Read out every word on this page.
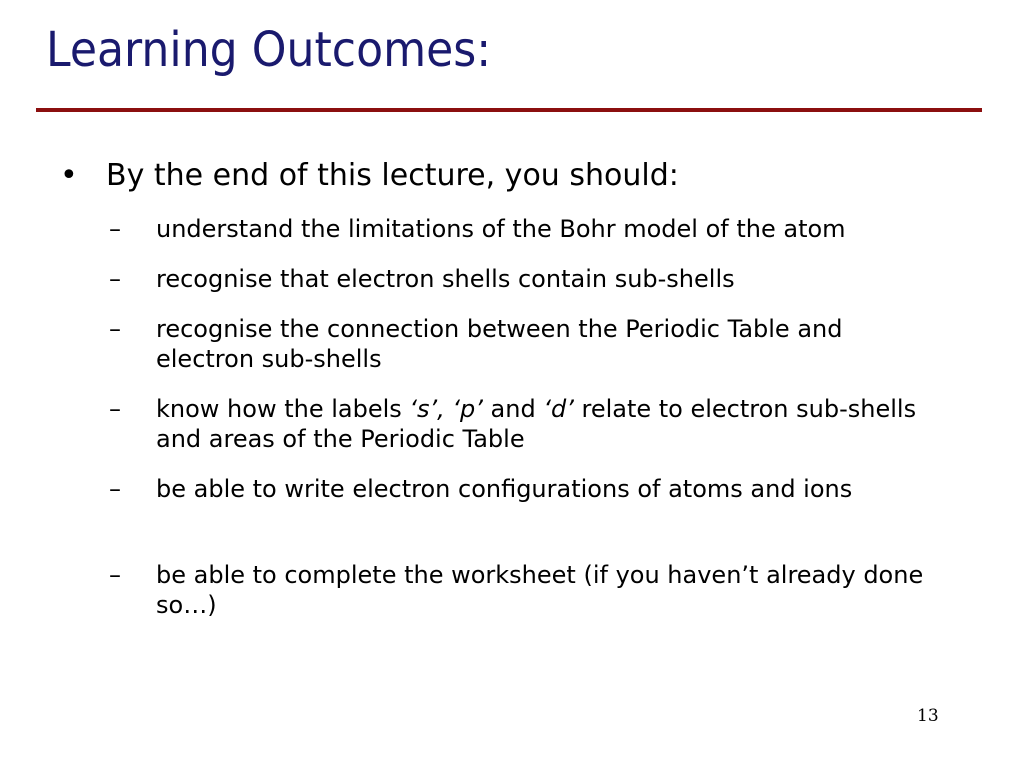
Learning Outcomes:
• By the end of this lecture, you should:
– understand the limitations of the Bohr model of the atom
– recognise that electron shells contain sub-shells
– recognise the connection between the Periodic Table and electron sub-shells
– know how the labels ‘s’, ‘p’ and ‘d’ relate to electron sub-shells and areas of the Periodic Table
– be able to write electron configurations of atoms and ions
– be able to complete the worksheet (if you haven’t already done so…)
13
